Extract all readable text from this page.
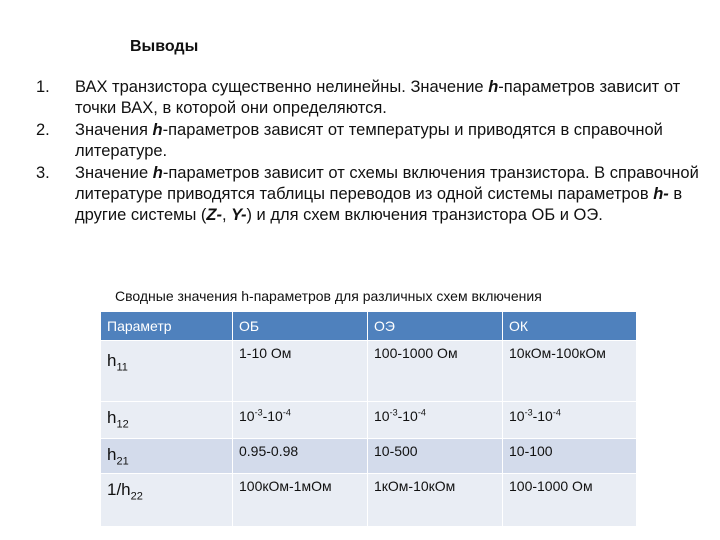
Выводы
1. ВАХ транзистора существенно нелинейны. Значение h-параметров зависит от точки ВАХ, в которой они определяются.
2. Значения h-параметров зависят от температуры и приводятся в справочной литературе.
3. Значение h-параметров зависит от схемы включения транзистора. В справочной литературе приводятся таблицы переводов из одной системы параметров h- в другие системы (Z-, Y-) и для схем включения транзистора ОБ и ОЭ.
Сводные значения h-параметров для различных схем включения
Параметр	ОБ	ОЭ	ОК
$h_{11}$	1-10 Ом	100-1000 Ом	10кОм-100кОм
$h_{12}$	$10^{-3}-10^{-4}$	$10^{-3}-10^{-4}$	$10^{-3}-10^{-4}$
$h_{21}$	0.95-0.98	10-500	10-100
$1/h_{22}$	100кОм-1мОм	1кОм-10кОм	100-1000 Ом
